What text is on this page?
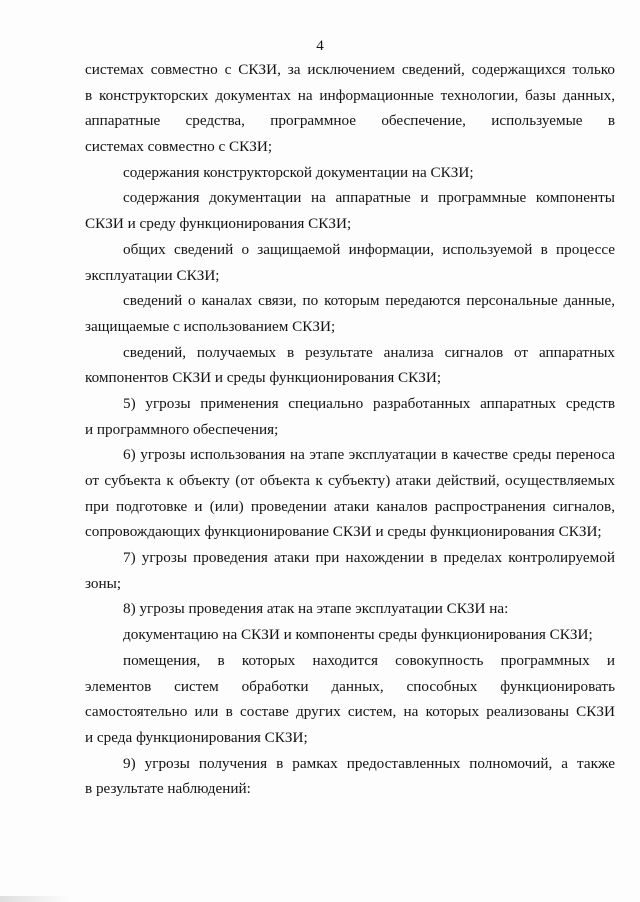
4
системах совместно с СКЗИ, за исключением сведений, содержащихся только
в конструкторских документах на информационные технологии, базы данных,
аппаратные средства, программное обеспечение, используемые в
системах совместно с СКЗИ;
содержания конструкторской документации на СКЗИ;
содержания документации на аппаратные и программные компоненты
СКЗИ и среду функционирования СКЗИ;
общих сведений о защищаемой информации, используемой в процессе
эксплуатации СКЗИ;
сведений о каналах связи, по которым передаются персональные данные,
защищаемые с использованием СКЗИ;
сведений, получаемых в результате анализа сигналов от аппаратных
компонентов СКЗИ и среды функционирования СКЗИ;
5) угрозы применения специально разработанных аппаратных средств
и программного обеспечения;
6) угрозы использования на этапе эксплуатации в качестве среды переноса
от субъекта к объекту (от объекта к субъекту) атаки действий, осуществляемых
при подготовке и (или) проведении атаки каналов распространения сигналов,
сопровождающих функционирование СКЗИ и среды функционирования СКЗИ;
7) угрозы проведения атаки при нахождении в пределах контролируемой
зоны;
8) угрозы проведения атак на этапе эксплуатации СКЗИ на:
документацию на СКЗИ и компоненты среды функционирования СКЗИ;
помещения, в которых находится совокупность программных и
элементов систем обработки данных, способных функционировать
самостоятельно или в составе других систем, на которых реализованы СКЗИ
и среда функционирования СКЗИ;
9) угрозы получения в рамках предоставленных полномочий, а также
в результате наблюдений:
